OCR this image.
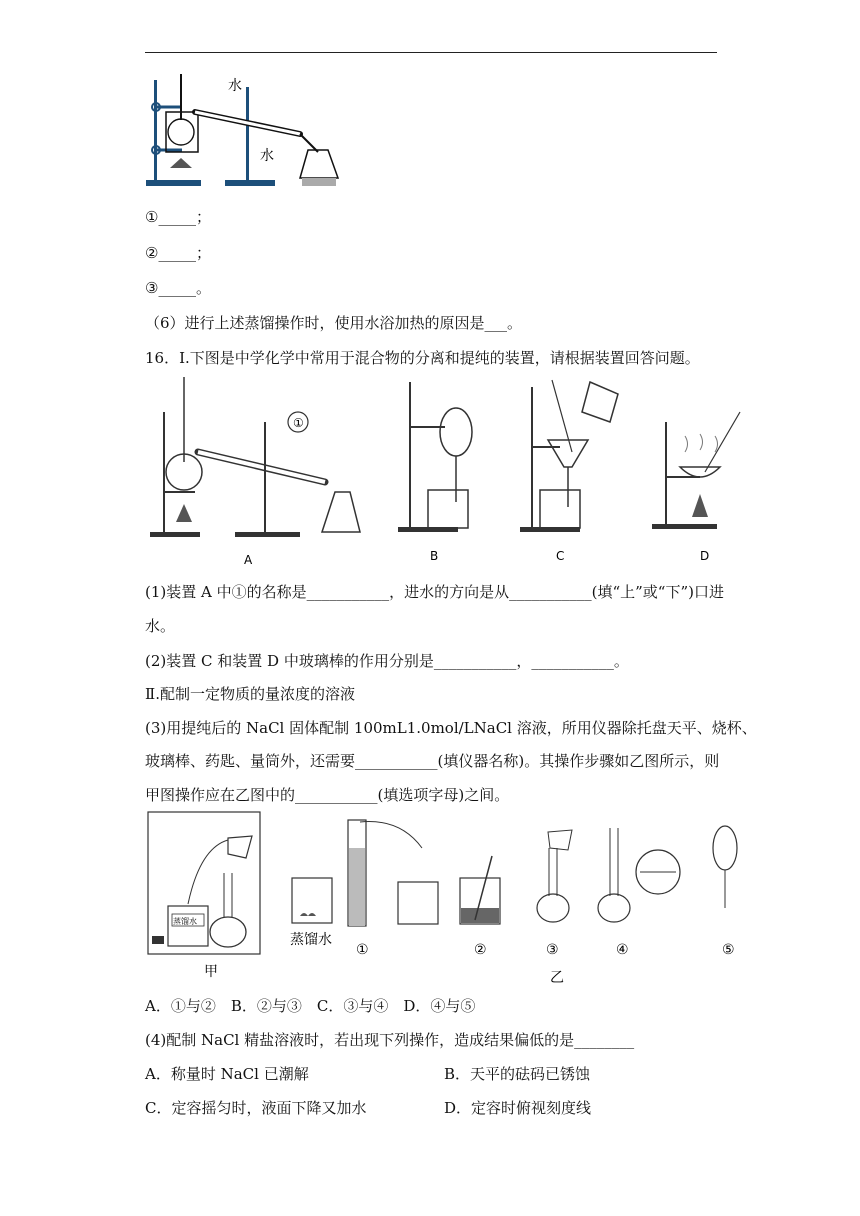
水
水
①_____；
②_____；
③_____。
（6）进行上述蒸馏操作时，使用水浴加热的原因是___。
16．Ⅰ.下图是中学化学中常用于混合物的分离和提纯的装置，请根据装置回答问题。
①
A	B	C	D
(1)装置 A 中①的名称是___________，进水的方向是从___________(填“上”或“下”)口进
水。
(2)装置 C 和装置 D 中玻璃棒的作用分别是___________，___________。
Ⅱ.配制一定物质的量浓度的溶液
(3)用提纯后的 NaCl 固体配制 100mL1.0mol/LNaCl 溶液，所用仪器除托盘天平、烧杯、
玻璃棒、药匙、量筒外，还需要___________(填仪器名称)。其操作步骤如乙图所示，则
甲图操作应在乙图中的___________(填选项字母)之间。
蒸馏水
甲
蒸馏水
①	②	③	④	⑤
乙
A．①与②　B．②与③　C．③与④　D．④与⑤
(4)配制 NaCl 精盐溶液时，若出现下列操作，造成结果偏低的是________
A．称量时 NaCl 已潮解	B．天平的砝码已锈蚀
C．定容摇匀时，液面下降又加水	D．定容时俯视刻度线
